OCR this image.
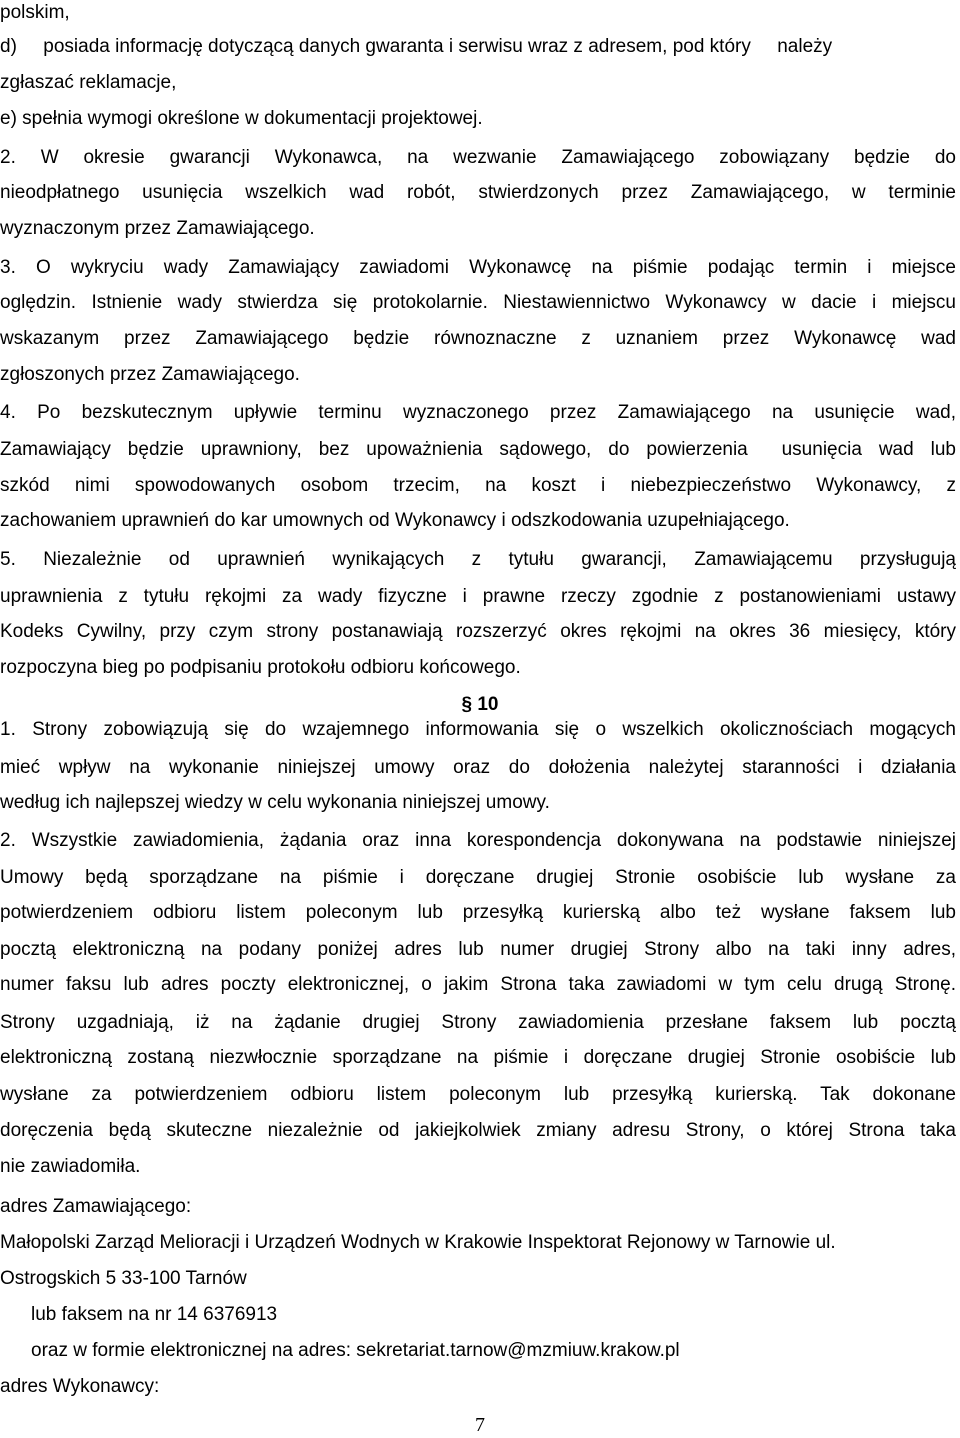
polskim,
d)     posiada informację dotyczącą danych gwaranta i serwisu wraz z adresem, pod który     należy
zgłaszać reklamacje,
e) spełnia wymogi określone w dokumentacji projektowej.
2. W okresie gwarancji Wykonawca, na wezwanie Zamawiającego zobowiązany będzie do
nieodpłatnego usunięcia wszelkich wad robót, stwierdzonych przez Zamawiającego, w terminie
wyznaczonym przez Zamawiającego.
3. O wykryciu wady Zamawiający zawiadomi Wykonawcę na piśmie podając termin i miejsce
oględzin. Istnienie wady stwierdza się protokolarnie. Niestawiennictwo Wykonawcy w dacie i miejscu
wskazanym przez Zamawiającego będzie równoznaczne z uznaniem przez Wykonawcę wad
zgłoszonych przez Zamawiającego.
4. Po bezskutecznym upływie terminu wyznaczonego przez Zamawiającego na usunięcie wad,
Zamawiający będzie uprawniony, bez upoważnienia sądowego, do powierzenia  usunięcia wad lub
szkód nimi spowodowanych osobom trzecim, na koszt i niebezpieczeństwo Wykonawcy, z
zachowaniem uprawnień do kar umownych od Wykonawcy i odszkodowania uzupełniającego.
5. Niezależnie od uprawnień wynikających z tytułu gwarancji, Zamawiającemu przysługują
uprawnienia z tytułu rękojmi za wady fizyczne i prawne rzeczy zgodnie z postanowieniami ustawy
Kodeks Cywilny, przy czym strony postanawiają rozszerzyć okres rękojmi na okres 36 miesięcy, który
rozpoczyna bieg po podpisaniu protokołu odbioru końcowego.
§ 10
1. Strony zobowiązują się do wzajemnego informowania się o wszelkich okolicznościach mogących
mieć wpływ na wykonanie niniejszej umowy oraz do dołożenia należytej staranności i działania
według ich najlepszej wiedzy w celu wykonania niniejszej umowy.
2. Wszystkie zawiadomienia, żądania oraz inna korespondencja dokonywana na podstawie niniejszej
Umowy będą sporządzane na piśmie i doręczane drugiej Stronie osobiście lub wysłane za
potwierdzeniem odbioru listem poleconym lub przesyłką kurierską albo też wysłane faksem lub
pocztą elektroniczną na podany poniżej adres lub numer drugiej Strony albo na taki inny adres,
numer faksu lub adres poczty elektronicznej, o jakim Strona taka zawiadomi w tym celu drugą Stronę.
Strony uzgadniają, iż na żądanie drugiej Strony zawiadomienia przesłane faksem lub pocztą
elektroniczną zostaną niezwłocznie sporządzane na piśmie i doręczane drugiej Stronie osobiście lub
wysłane za potwierdzeniem odbioru listem poleconym lub przesyłką kurierską. Tak dokonane
doręczenia będą skuteczne niezależnie od jakiejkolwiek zmiany adresu Strony, o której Strona taka
nie zawiadomiła.
adres Zamawiającego:
Małopolski Zarząd Melioracji i Urządzeń Wodnych w Krakowie Inspektorat Rejonowy w Tarnowie ul.
Ostrogskich 5 33-100 Tarnów
lub faksem na nr 14 6376913
oraz w formie elektronicznej na adres: sekretariat.tarnow@mzmiuw.krakow.pl
adres Wykonawcy:
7
